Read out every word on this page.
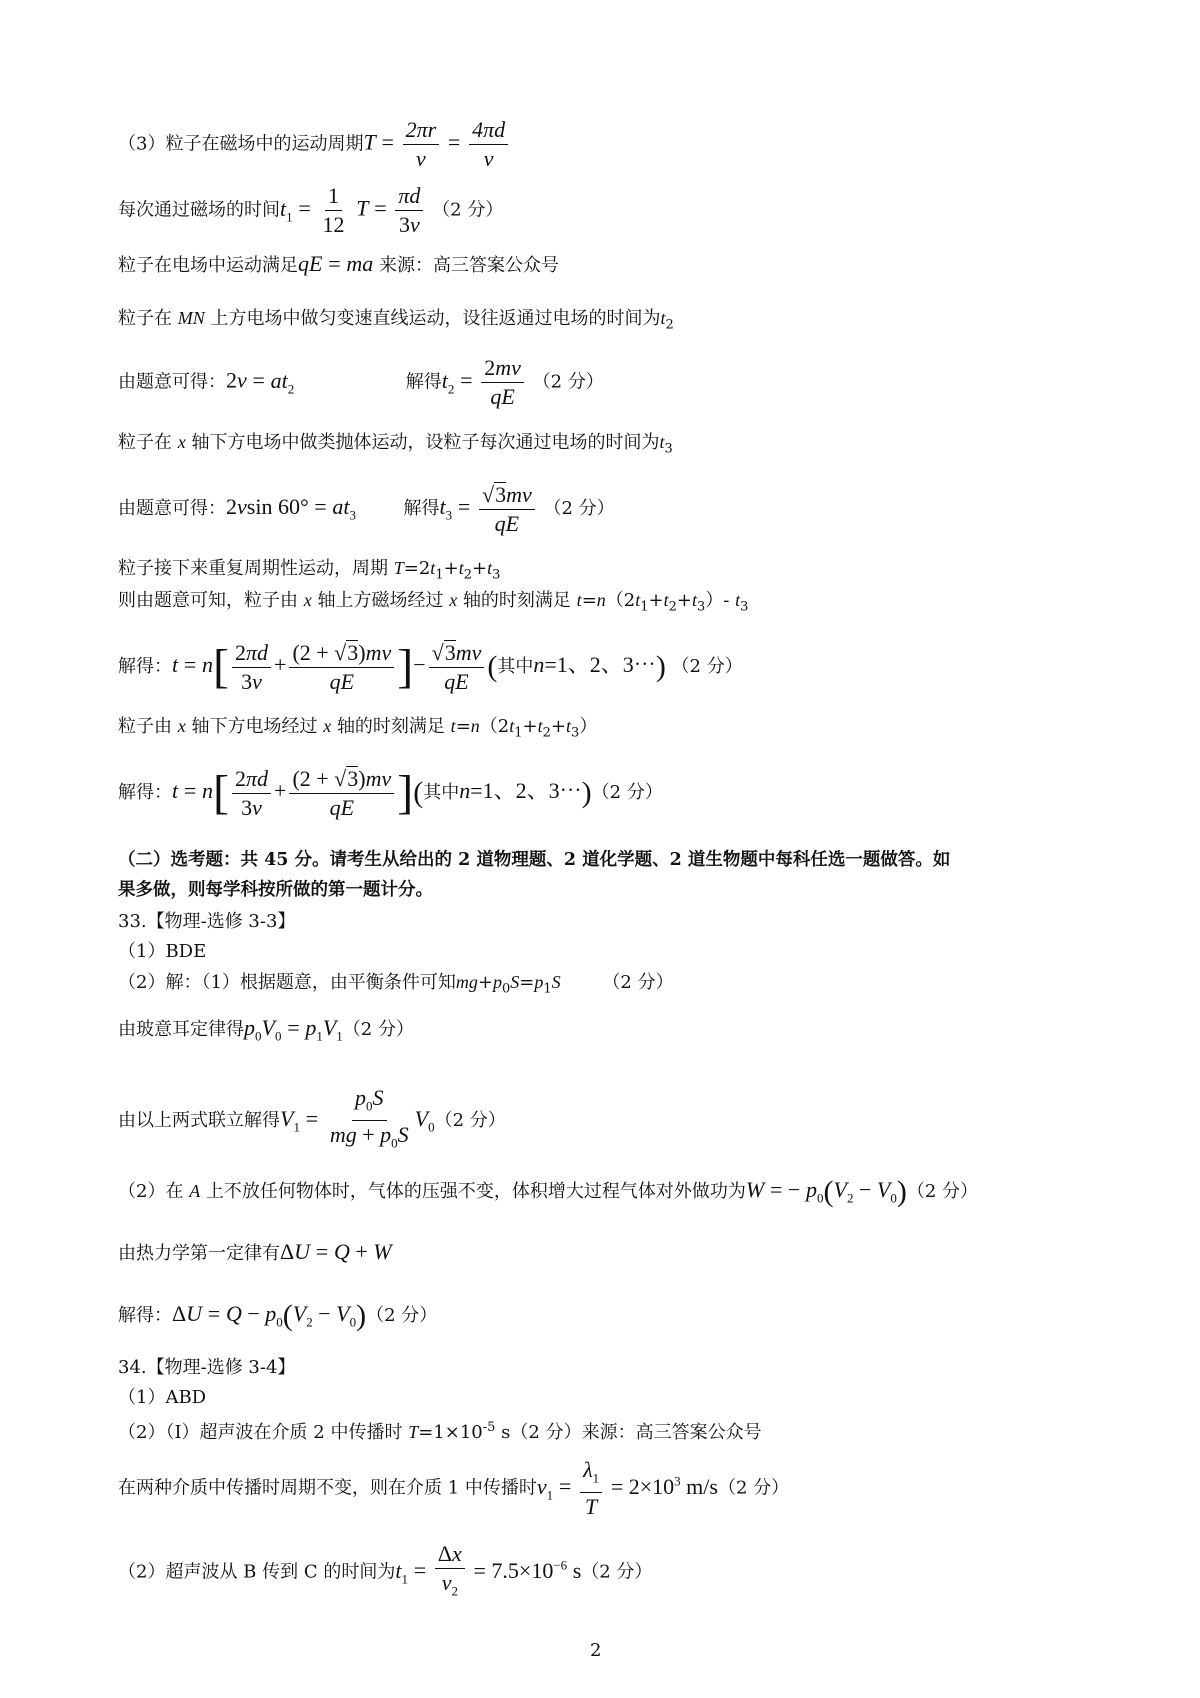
（3）粒子在磁场中的运动周期$T = \frac{2\pi r}{v} = \frac{4\pi d}{v}$
每次通过磁场的时间$t_1 = \frac{1}{12}$ $T = \frac{\pi d}{3v} (2$ 分）
粒子在电场中运动满足qE = ma 来源：高三答案公众号
粒子在 MN 上方电场中做匀变速直线运动，设往返通过电场的时间为$t_2$
由题意可得：$2v = at_2$	解得$t_2 = \frac{2mv}{qE} (2$ 分）
粒子在 x 轴下方电场中做类抛体运动，设粒子每次通过电场的时间为$t_3$
由题意可得：2vsin $60^\circ = at_3$	解得$t_3 = \frac{√3mv}{qE} (2$ 分）
粒子接下来重复周期性运动，周期 $T=2t_1+t_2+t_3$
则由题意可知，粒子由 x 轴上方磁场经过 x 轴的时刻满足 $t=n(2t_1+t_2+t_3)-$ $t_3$
解得：$t = n[ \frac{2\pi d}{3v} + \frac{(2 + √3)mv}{qE}$ ]− $\frac{√3mv}{qE}$ (其中n=1、2、3⋯) （2 分）
粒子由 x 轴下方电场经过 x 轴的时刻满足 $t=n(2t_1+t_2+t_3)$
解得：$t = n[ \frac{2\pi d}{3v} + \frac{(2 + √3)mv}{qE}$ ](其中n=1、2、3⋯)（2 分）
（二）选考题：共 45 分。请考生从给出的 2 道物理题、2 道化学题、2 道生物题中每科任选一题做答。如
果多做，则每学科按所做的第一题计分。
33.【物理-选修 3-3】
（1）BDE
（2）解：（1）根据题意，由平衡条件可知$mg+p_0S=p_1S$ （2 分）
由玻意耳定律得$p_0V_0 = p_1V_1(2$ 分）
由以上两式联立解得$V_1 = \frac{p_0S}{mg + p_0S} V_0(2$ 分）
（2）在 A 上不放任何物体时，气体的压强不变，体积增大过程气体对外做功为W = − $p_0(V_2 - V_0)(2$ 分）
由热力学第一定律有ΔU = Q + W
解得：$\Delta U = Q - p_0(V_2 - V_0)(2$ 分）
34.【物理-选修 3-4】
（1）ABD
（2）（Ⅰ）超声波在介质 2 中传播时 $T=1\times 10^{-5}$ s（2 分）来源：高三答案公众号
在两种介质中传播时周期不变，则在介质 1 中传播时$v_1 = \frac{\lambda_1}{T} = 2\times 10^3$ m/s（2 分）
（2）超声波从 B 传到 C 的时间为$t_1 = \frac{\Delta x}{v_2} = 7.5\times 10^{-6}$ s（2 分）
2
